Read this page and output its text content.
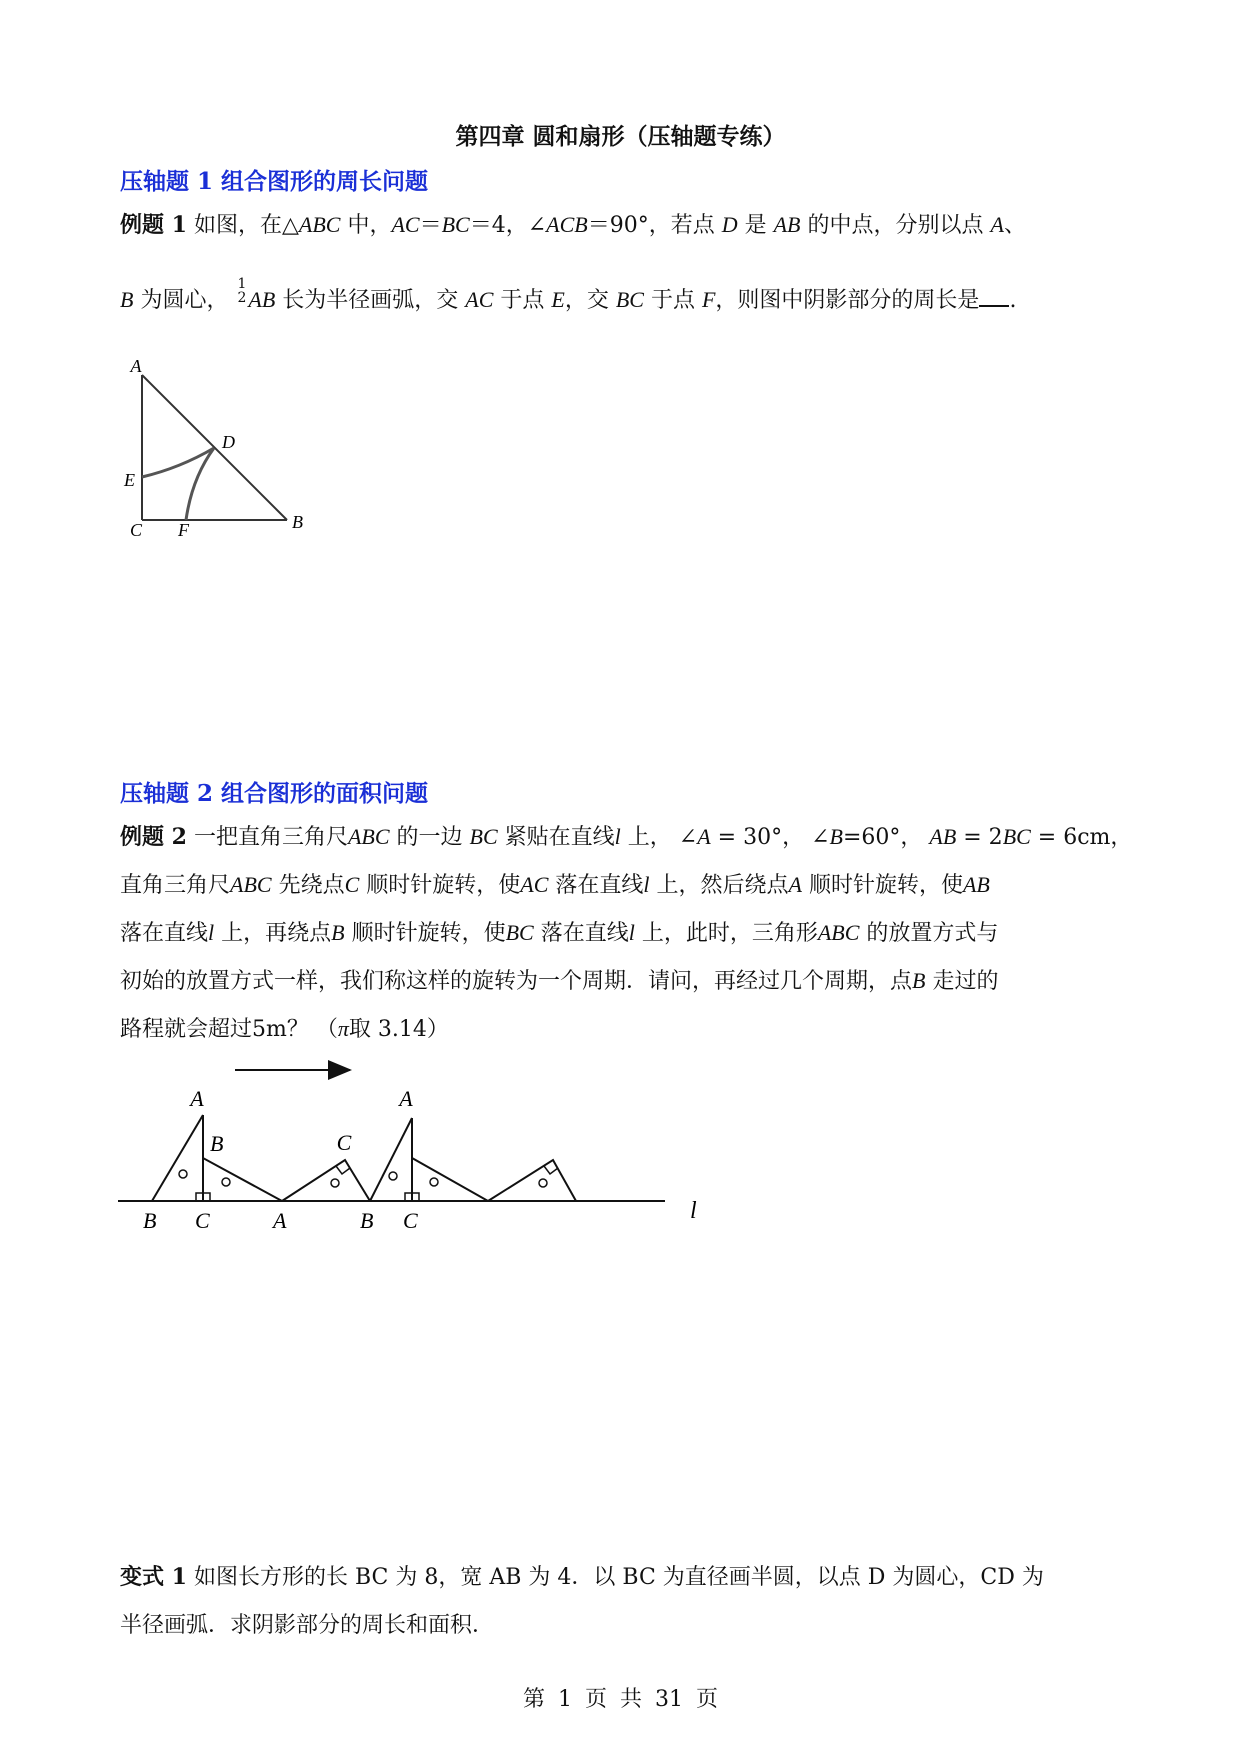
第四章 圆和扇形（压轴题专练）
压轴题 1 组合图形的周长问题
例题 1 如图，在△ABC 中，AC＝BC＝4，∠ACB＝90°，若点 D 是 AB 的中点，分别以点 A、
B 为圆心，
1
2 AB 长为半径画弧，交 AC 于点 E，交 BC 于点 F，则图中阴影部分的周长是 .
A
D
E
C F	B
压轴题 2 组合图形的面积问题
例题 2 一把直角三角尺ABC 的一边 BC 紧贴在直线l 上， ∠A = 30°， ∠B=60°， AB = 2BC = 6cm，
直角三角尺ABC 先绕点C 顺时针旋转，使AC 落在直线l 上，然后绕点A 顺时针旋转，使AB
落在直线l 上，再绕点B 顺时针旋转，使BC 落在直线l 上，此时，三角形ABC 的放置方式与
初始的放置方式一样，我们称这样的旋转为一个周期．请问，再经过几个周期，点B 走过的
路程就会超过5m？ （π取 3.14）
A
B	C
A
B C	A	B C	l
变式 1 如图长方形的长 BC 为 8，宽 AB 为 4．以 BC 为直径画半圆，以点 D 为圆心，CD 为
半径画弧．求阴影部分的周长和面积．
第 1 页 共 31 页
